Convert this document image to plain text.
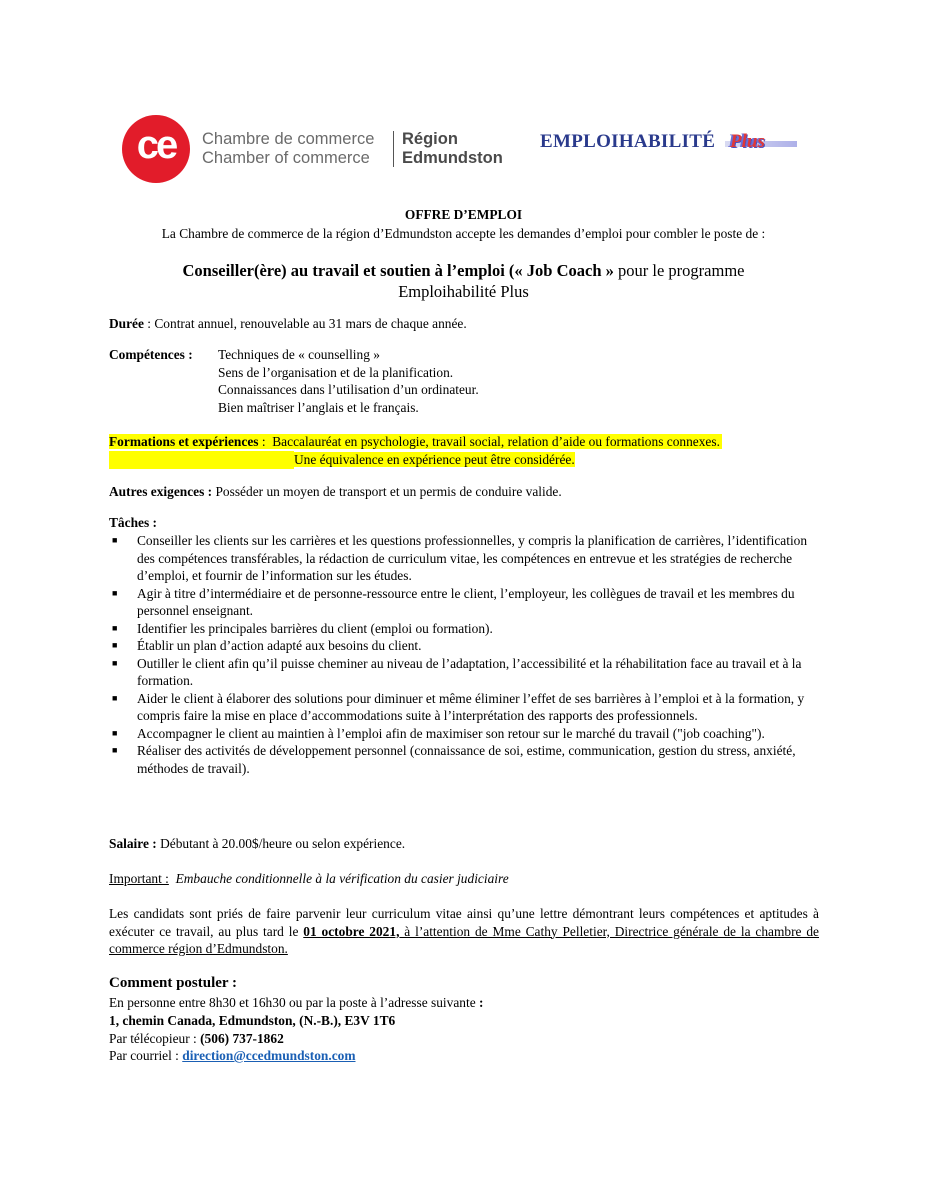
ce Chambre de commerce
Chamber of commerce
Région
Edmundston
EMPLOIHABILITÉ Plus
OFFRE D’EMPLOI
La Chambre de commerce de la région d’Edmundston accepte les demandes d’emploi pour combler le poste de :
Conseiller(ère) au travail et soutien à l’emploi (« Job Coach » pour le programme
Emploihabilité Plus
Durée : Contrat annuel, renouvelable au 31 mars de chaque année.
Compétences : Techniques de « counselling »
Sens de l’organisation et de la planification.
Connaissances dans l’utilisation d’un ordinateur.
Bien maîtriser l’anglais et le français.
Formations et expériences :  Baccalauréat en psychologie, travail social, relation d’aide ou formations connexes.
Une équivalence en expérience peut être considérée.
Autres exigences : Posséder un moyen de transport et un permis de conduire valide.
Tâches :

■ Conseiller les clients sur les carrières et les questions professionnelles, y compris la planification de carrières, l’identification des compétences transférables, la rédaction de curriculum vitae, les compétences en entrevue et les stratégies de recherche d’emploi, et fournir de l’information sur les études.

■ Agir à titre d’intermédiaire et de personne-ressource entre le client, l’employeur, les collègues de travail et les membres du personnel enseignant.

■ Identifier les principales barrières du client (emploi ou formation).

■ Établir un plan d’action adapté aux besoins du client.

■ Outiller le client afin qu’il puisse cheminer au niveau de l’adaptation, l’accessibilité et la réhabilitation face au travail et à la formation.

■ Aider le client à élaborer des solutions pour diminuer et même éliminer l’effet de ses barrières à l’emploi et à la formation, y compris faire la mise en place d’accommodations suite à l’interprétation des rapports des professionnels.

■ Accompagner le client au maintien à l’emploi afin de maximiser son retour sur le marché du travail ("job coaching").

■ Réaliser des activités de développement personnel (connaissance de soi, estime, communication, gestion du stress, anxiété, méthodes de travail).

Salaire : Débutant à 20.00$/heure ou selon expérience.
Important : Embauche conditionnelle à la vérification du casier judiciaire
Les candidats sont priés de faire parvenir leur curriculum vitae ainsi qu’une lettre démontrant leurs compétences et aptitudes à exécuter ce travail, au plus tard le 01 octobre 2021, à l’attention de Mme Cathy Pelletier, Directrice générale de la chambre de commerce région d’Edmundston.
Comment postuler :
En personne entre 8h30 et 16h30 ou par la poste à l’adresse suivante :
1, chemin Canada, Edmundston, (N.-B.), E3V 1T6
Par télécopieur : (506) 737-1862
Par courriel : direction@ccedmundston.com
